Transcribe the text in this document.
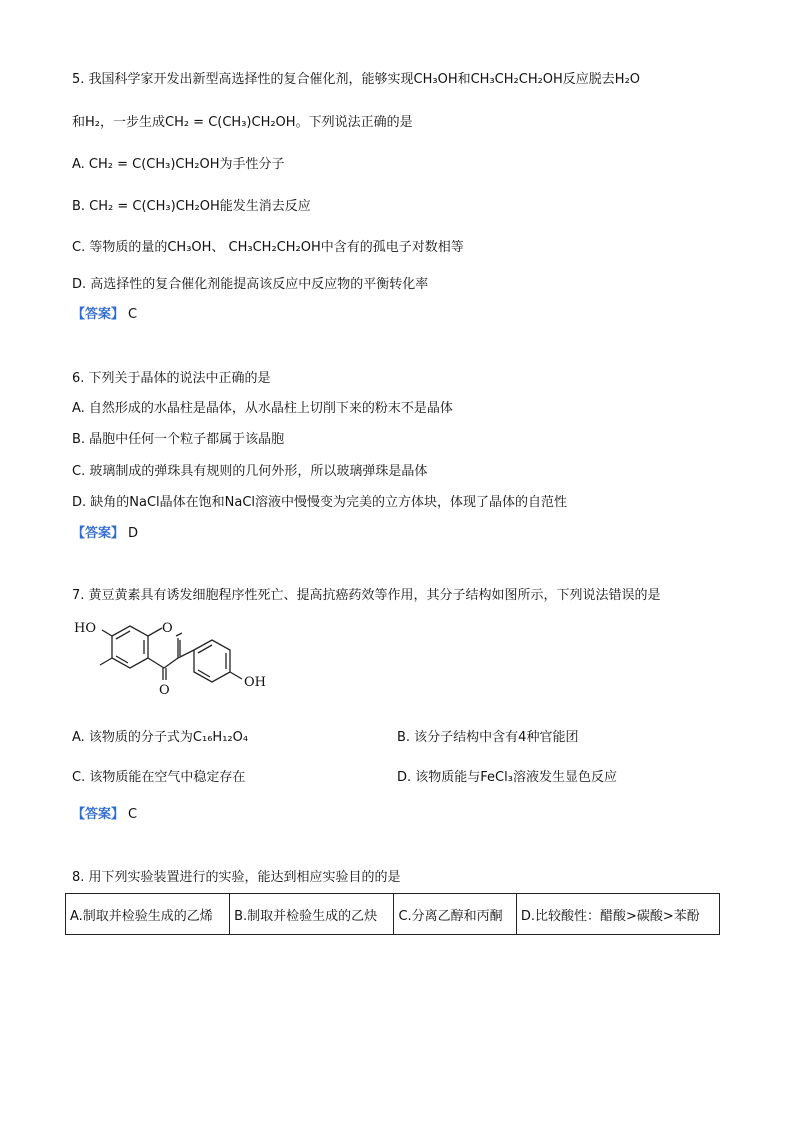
5. 我国科学家开发出新型高选择性的复合催化剂，能够实现CH₃OH和CH₃CH₂CH₂OH反应脱去H₂O
和H₂，一步生成CH₂ = C(CH₃)CH₂OH。下列说法正确的是
A. CH₂ = C(CH₃)CH₂OH为手性分子
B. CH₂ = C(CH₃)CH₂OH能发生消去反应
C. 等物质的量的CH₃OH、 CH₃CH₂CH₂OH中含有的孤电子对数相等
D. 高选择性的复合催化剂能提高该反应中反应物的平衡转化率
【答案】 C
6. 下列关于晶体的说法中正确的是
A. 自然形成的水晶柱是晶体，从水晶柱上切削下来的粉末不是晶体
B. 晶胞中任何一个粒子都属于该晶胞
C. 玻璃制成的弹珠具有规则的几何外形，所以玻璃弹珠是晶体
D. 缺角的NaCl晶体在饱和NaCl溶液中慢慢变为完美的立方体块，体现了晶体的自范性
【答案】 D
7. 黄豆黄素具有诱发细胞程序性死亡、提高抗癌药效等作用，其分子结构如图所示，下列说法错误的是
HO	O
O
OH
A. 该物质的分子式为C₁₆H₁₂O₄	B. 该分子结构中含有4种官能团
C. 该物质能在空气中稳定存在	D. 该物质能与FeCl₃溶液发生显色反应
【答案】 C
8. 用下列实验装置进行的实验，能达到相应实验目的的是
A.制取并检验生成的乙烯	B.制取并检验生成的乙炔	C.分离乙醇和丙酮	D.比较酸性：醋酸>碳酸>苯酚
